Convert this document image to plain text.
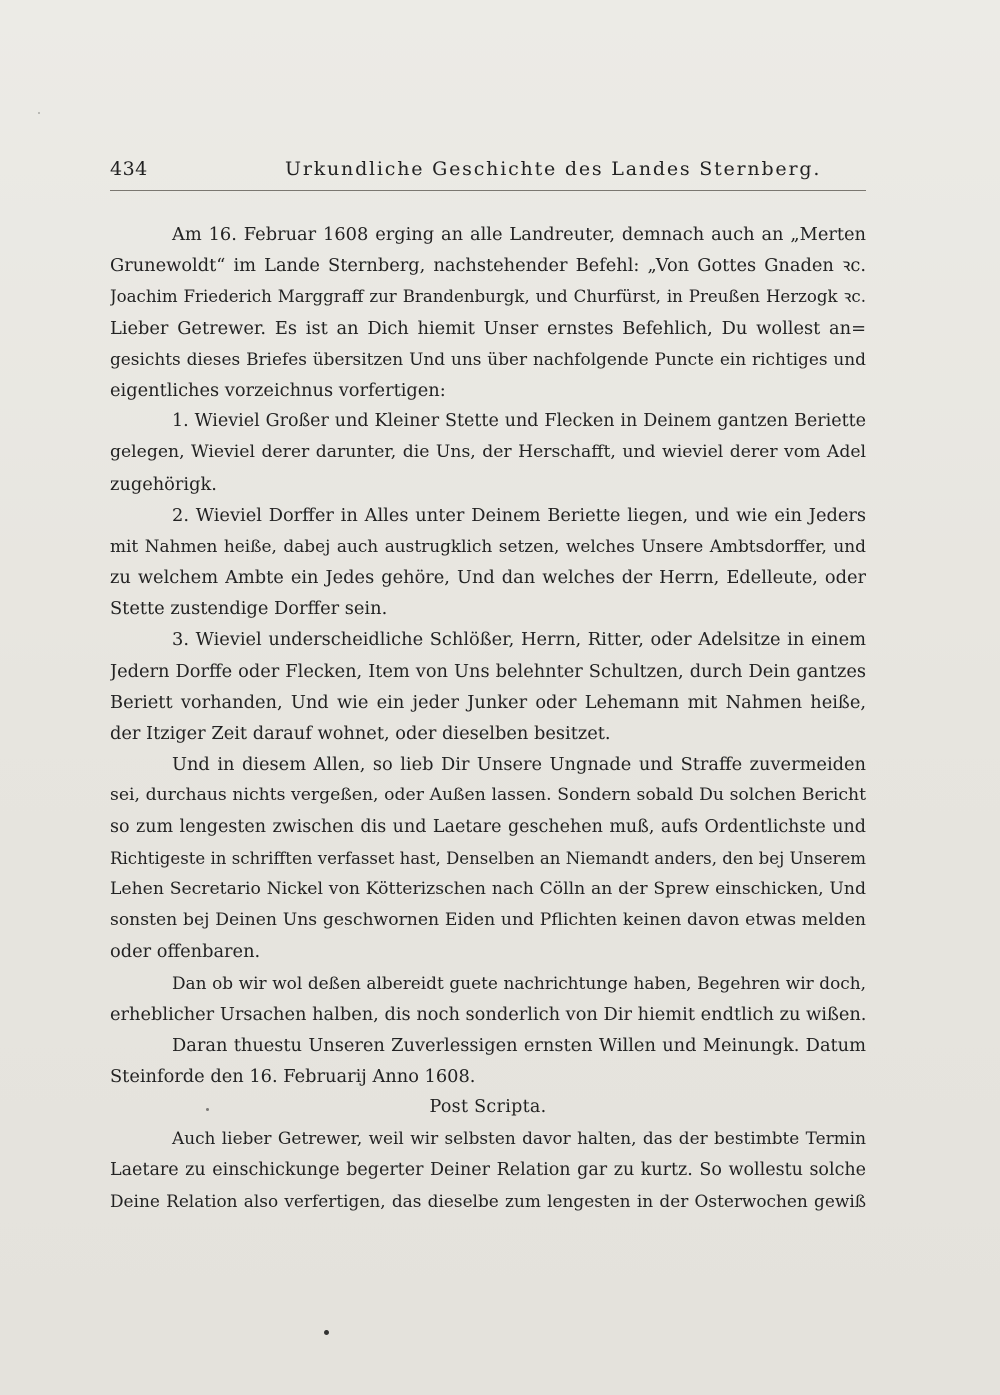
434	Urkundliche Geschichte des Landes Sternberg.
Am 16. Februar 1608 erging an alle Landreuter, demnach auch an „Merten
Grunewoldt“ im Lande Sternberg, nachstehender Befehl: „Von Gottes Gnaden ꝛc.
Joachim Friederich Marggraff zur Brandenburgk, und Churfürst, in Preußen Herzogk ꝛc.
Lieber Getrewer. Es ist an Dich hiemit Unser ernstes Befehlich, Du wollest an=
gesichts dieses Briefes übersitzen Und uns über nachfolgende Puncte ein richtiges und
eigentliches vorzeichnus vorfertigen:
1. Wieviel Großer und Kleiner Stette und Flecken in Deinem gantzen Beriette
gelegen, Wieviel derer darunter, die Uns, der Herschafft, und wieviel derer vom Adel
zugehörigk.
2. Wieviel Dorffer in Alles unter Deinem Beriette liegen, und wie ein Jeders
mit Nahmen heiße, dabej auch austrugklich setzen, welches Unsere Ambtsdorffer, und
zu welchem Ambte ein Jedes gehöre, Und dan welches der Herrn, Edelleute, oder
Stette zustendige Dorffer sein.
3. Wieviel underscheidliche Schlößer, Herrn, Ritter, oder Adelsitze in einem
Jedern Dorffe oder Flecken, Item von Uns belehnter Schultzen, durch Dein gantzes
Beriett vorhanden, Und wie ein jeder Junker oder Lehemann mit Nahmen heiße,
der Itziger Zeit darauf wohnet, oder dieselben besitzet.
Und in diesem Allen, so lieb Dir Unsere Ungnade und Straffe zuvermeiden
sei, durchaus nichts vergeßen, oder Außen lassen. Sondern sobald Du solchen Bericht
so zum lengesten zwischen dis und Laetare geschehen muß, aufs Ordentlichste und
Richtigeste in schrifften verfasset hast, Denselben an Niemandt anders, den bej Unserem
Lehen Secretario Nickel von Kötterizschen nach Cölln an der Sprew einschicken, Und
sonsten bej Deinen Uns geschwornen Eiden und Pflichten keinen davon etwas melden
oder offenbaren.
Dan ob wir wol deßen albereidt guete nachrichtunge haben, Begehren wir doch,
erheblicher Ursachen halben, dis noch sonderlich von Dir hiemit endtlich zu wißen.
Daran thuestu Unseren Zuverlessigen ernsten Willen und Meinungk. Datum
Steinforde den 16. Februarij Anno 1608.
Post Scripta.
Auch lieber Getrewer, weil wir selbsten davor halten, das der bestimbte Termin
Laetare zu einschickunge begerter Deiner Relation gar zu kurtz. So wollestu solche
Deine Relation also verfertigen, das dieselbe zum lengesten in der Osterwochen gewiß
